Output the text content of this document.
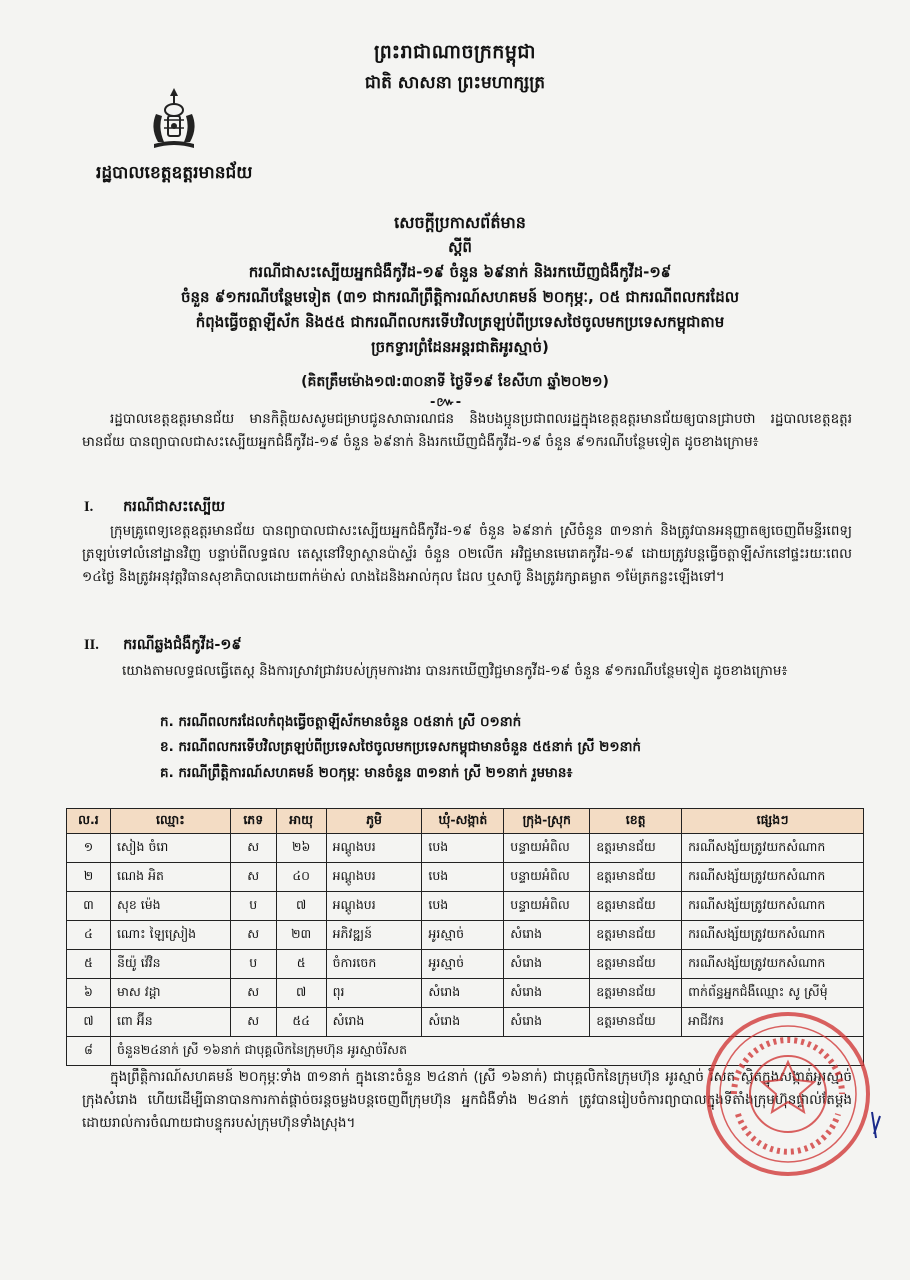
ព្រះរាជាណាចក្រកម្ពុជា
ជាតិ សាសនា ព្រះមហាក្សត្រ
រដ្ឋបាលខេត្តឧត្តរមានជ័យ
សេចក្តីប្រកាសព័ត៌មាន
ស្តីពី
ករណីជាសះស្បើយអ្នកជំងឺកូវីដ-១៩ ចំនួន ៦៩នាក់ និងរកឃើញជំងឺកូវីដ-១៩
ចំនួន ៩១ករណីបន្ថែមទៀត (៣១ ជាករណីព្រឹត្តិការណ៍សហគមន៍ ២០កុម្ភៈ, ០៥ ជាករណីពលករដែល
កំពុងធ្វើចត្តាឡីស័ក និង៥៥ ជាករណីពលករទើបវិលត្រឡប់ពីប្រទេសថៃចូលមកប្រទេសកម្ពុជាតាម
ច្រកទ្វារព្រំដែនអន្តរជាតិអូរស្មាច់)
(គិតត្រឹមម៉ោង១៧:៣០នាទី ថ្ងៃទី១៩ ខែសីហា ឆ្នាំ២០២១)
-៚-
រដ្ឋបាលខេត្តឧត្តរមានជ័យ មានកិត្តិយសសូមជម្រាបជូនសាធារណជន និងបងប្អូនប្រជាពលរដ្ឋក្នុងខេត្តឧត្តរមានជ័យឲ្យបានជ្រាបថា រដ្ឋបាលខេត្តឧត្តរមានជ័យ បានព្យាបាលជាសះស្បើយអ្នកជំងឺកូវីដ-១៩ ចំនួន ៦៩នាក់ និងរកឃើញជំងឺកូវីដ-១៩ ចំនួន ៩១ករណីបន្ថែមទៀត ដូចខាងក្រោម៖
I. ករណីជាសះស្បើយ
ក្រុមគ្រូពេទ្យខេត្តឧត្តរមានជ័យ បានព្យាបាលជាសះស្បើយអ្នកជំងឺកូវីដ-១៩ ចំនួន ៦៩នាក់ ស្រីចំនួន ៣១នាក់ និងត្រូវបានអនុញ្ញាតឲ្យចេញពីមន្ទីរពេទ្យត្រឡប់ទៅលំនៅដ្ឋានវិញ បន្ទាប់ពីលទ្ធផល តេស្តនៅវិទ្យាស្ថានប៉ាស្ទ័រ ចំនួន ០២លើក អវិជ្ជមានមេរោគកូវីដ-១៩ ដោយត្រូវបន្តធ្វើចត្តាឡីស័កនៅផ្ទះរយៈពេល ១៤ថ្ងៃ និងត្រូវអនុវត្តវិធានសុខាភិបាលដោយពាក់ម៉ាស់ លាងដៃនិងអាល់កុល ដែល ឬសាប៊ូ និងត្រូវរក្សាគម្លាត ១ម៉ែត្រកន្លះឡើងទៅ។
II. ករណីឆ្លងជំងឺកូវីដ-១៩
យោងតាមលទ្ធផលធ្វើតេស្ត និងការស្រាវជ្រាវរបស់ក្រុមការងារ បានរកឃើញវិជ្ជមានកូវីដ-១៩ ចំនួន ៩១ករណីបន្ថែមទៀត ដូចខាងក្រោម៖
ក. ករណីពលករដែលកំពុងធ្វើចត្តាឡីស័កមានចំនួន ០៥នាក់ ស្រី ០១នាក់
ខ. ករណីពលករទើបវិលត្រឡប់ពីប្រទេសថៃចូលមកប្រទេសកម្ពុជាមានចំនួន ៥៥នាក់ ស្រី ២១នាក់
គ. ករណីព្រឹត្តិការណ៍សហគមន៍ ២០កុម្ភៈ មានចំនួន ៣១នាក់ ស្រី ២១នាក់ រួមមាន៖
ល.រ	ឈ្មោះ	ភេទ	អាយុ	ភូមិ	ឃុំ-សង្កាត់	ក្រុង-ស្រុក	ខេត្ត	ផ្សេងៗ
១	សៀង ចំរោ	ស	២៦	អណ្តូងបរ	បេង	បន្ទាយអំពិល	ឧត្តរមានជ័យ	ករណីសង្ស័យត្រូវយកសំណាក
២	ណេង អិត	ស	៤០	អណ្តូងបរ	បេង	បន្ទាយអំពិល	ឧត្តរមានជ័យ	ករណីសង្ស័យត្រូវយកសំណាក
៣	សុខ ម៉េង	ប	៧	អណ្តូងបរ	បេង	បន្ទាយអំពិល	ឧត្តរមានជ័យ	ករណីសង្ស័យត្រូវយកសំណាក
៤	ណោះ ឡៃស្រៀង	ស	២៣	អភិវឌ្ឍន៍	អូរស្មាច់	សំរោង	ឧត្តរមានជ័យ	ករណីសង្ស័យត្រូវយកសំណាក
៥	នីយ៉ូ វ៉េវិន	ប	៥	ចំការចេក	អូរស្មាច់	សំរោង	ឧត្តរមានជ័យ	ករណីសង្ស័យត្រូវយកសំណាក
៦	មាស វដ្តា	ស	៧	ពុរ	សំរោង	សំរោង	ឧត្តរមានជ័យ	ពាក់ព័ន្ធអ្នកជំងឺឈ្មោះ សូ ស្រីមុំ
៧	ពោ អ៊ីន	ស	៥៤	សំរោង	សំរោង	សំរោង	ឧត្តរមានជ័យ	អាជីវករ
៨	ចំនួន២៤នាក់ ស្រី ១៦នាក់ ជាបុគ្គលិកនៃក្រុមហ៊ុន អូរស្មាច់រីសត							
ក្នុងព្រឹត្តិការណ៍សហគមន៍ ២០កុម្ភៈទាំង ៣១នាក់ ក្នុងនោះចំនួន ២៤នាក់ (ស្រី ១៦នាក់) ជាបុគ្គលិកនៃក្រុមហ៊ុន អូរស្មាច់ រីសត ស្ថិតក្នុងសង្កាត់អូរស្មាច់ ក្រុងសំរោង ហើយដើម្បីធានាបានការកាត់ផ្តាច់ចរន្តចម្លងបន្តចេញពីក្រុមហ៊ុន អ្នកជំងឺទាំង ២៤នាក់ ត្រូវបានរៀបចំការព្យាបាលក្នុងទីតាំងក្រុមហ៊ុនផ្ទាល់តែម្តង ដោយរាល់ការចំណាយជាបន្ទុករបស់ក្រុមហ៊ុនទាំងស្រុង។
